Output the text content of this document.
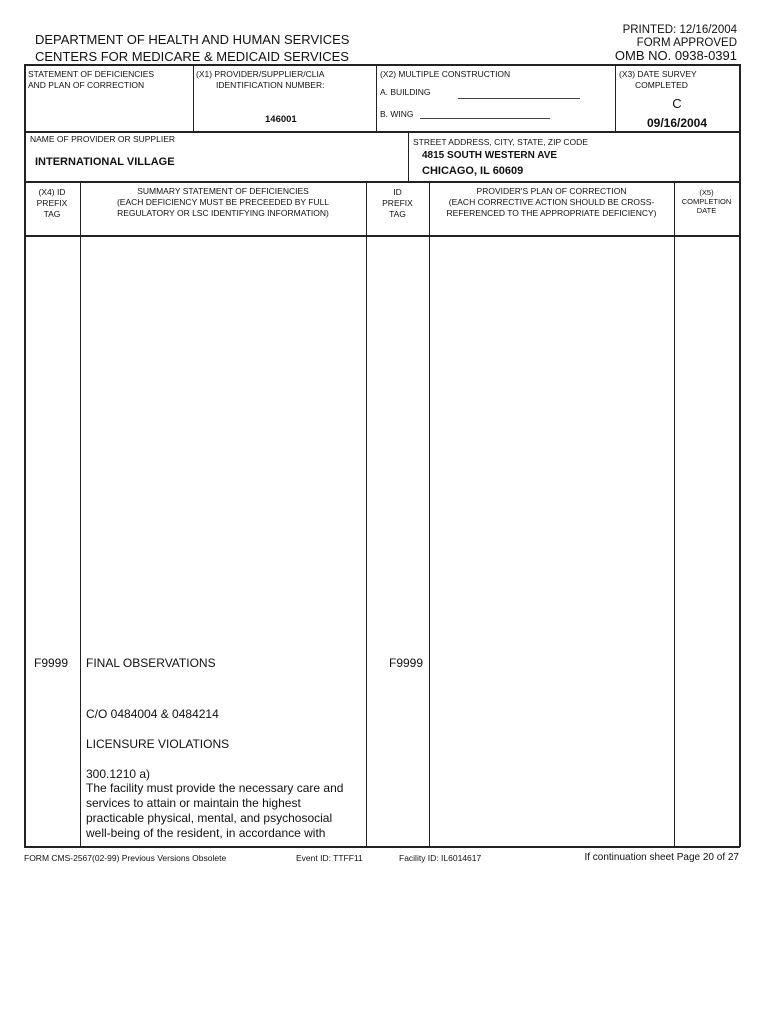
DEPARTMENT OF HEALTH AND HUMAN SERVICES
CENTERS FOR MEDICARE & MEDICAID SERVICES
PRINTED: 12/16/2004
FORM APPROVED
OMB NO. 0938-0391
STATEMENT OF DEFICIENCIES
AND PLAN OF CORRECTION
(X1) PROVIDER/SUPPLIER/CLIA
IDENTIFICATION NUMBER:
146001
(X2) MULTIPLE CONSTRUCTION
A. BUILDING
B. WING
(X3) DATE SURVEY
COMPLETED
C
09/16/2004
NAME OF PROVIDER OR SUPPLIER
INTERNATIONAL VILLAGE
STREET ADDRESS, CITY, STATE, ZIP CODE
4815 SOUTH WESTERN AVE
CHICAGO, IL 60609
(X4) ID
PREFIX
TAG
SUMMARY STATEMENT OF DEFICIENCIES
(EACH DEFICIENCY MUST BE PRECEEDED BY FULL
REGULATORY OR LSC IDENTIFYING INFORMATION)
ID
PREFIX
TAG
PROVIDER'S PLAN OF CORRECTION
(EACH CORRECTIVE ACTION SHOULD BE CROSS-
REFERENCED TO THE APPROPRIATE DEFICIENCY)
(X5)
COMPLETION
DATE
F9999 FINAL OBSERVATIONS	F9999
C/O 0484004 & 0484214
LICENSURE VIOLATIONS
300.1210 a)
The facility must provide the necessary care and
services to attain or maintain the highest
practicable physical, mental, and psychosocial
well-being of the resident, in accordance with
FORM CMS-2567(02-99) Previous Versions Obsolete	Event ID: TTFF11	Facility ID: IL6014617	If continuation sheet Page 20 of 27
